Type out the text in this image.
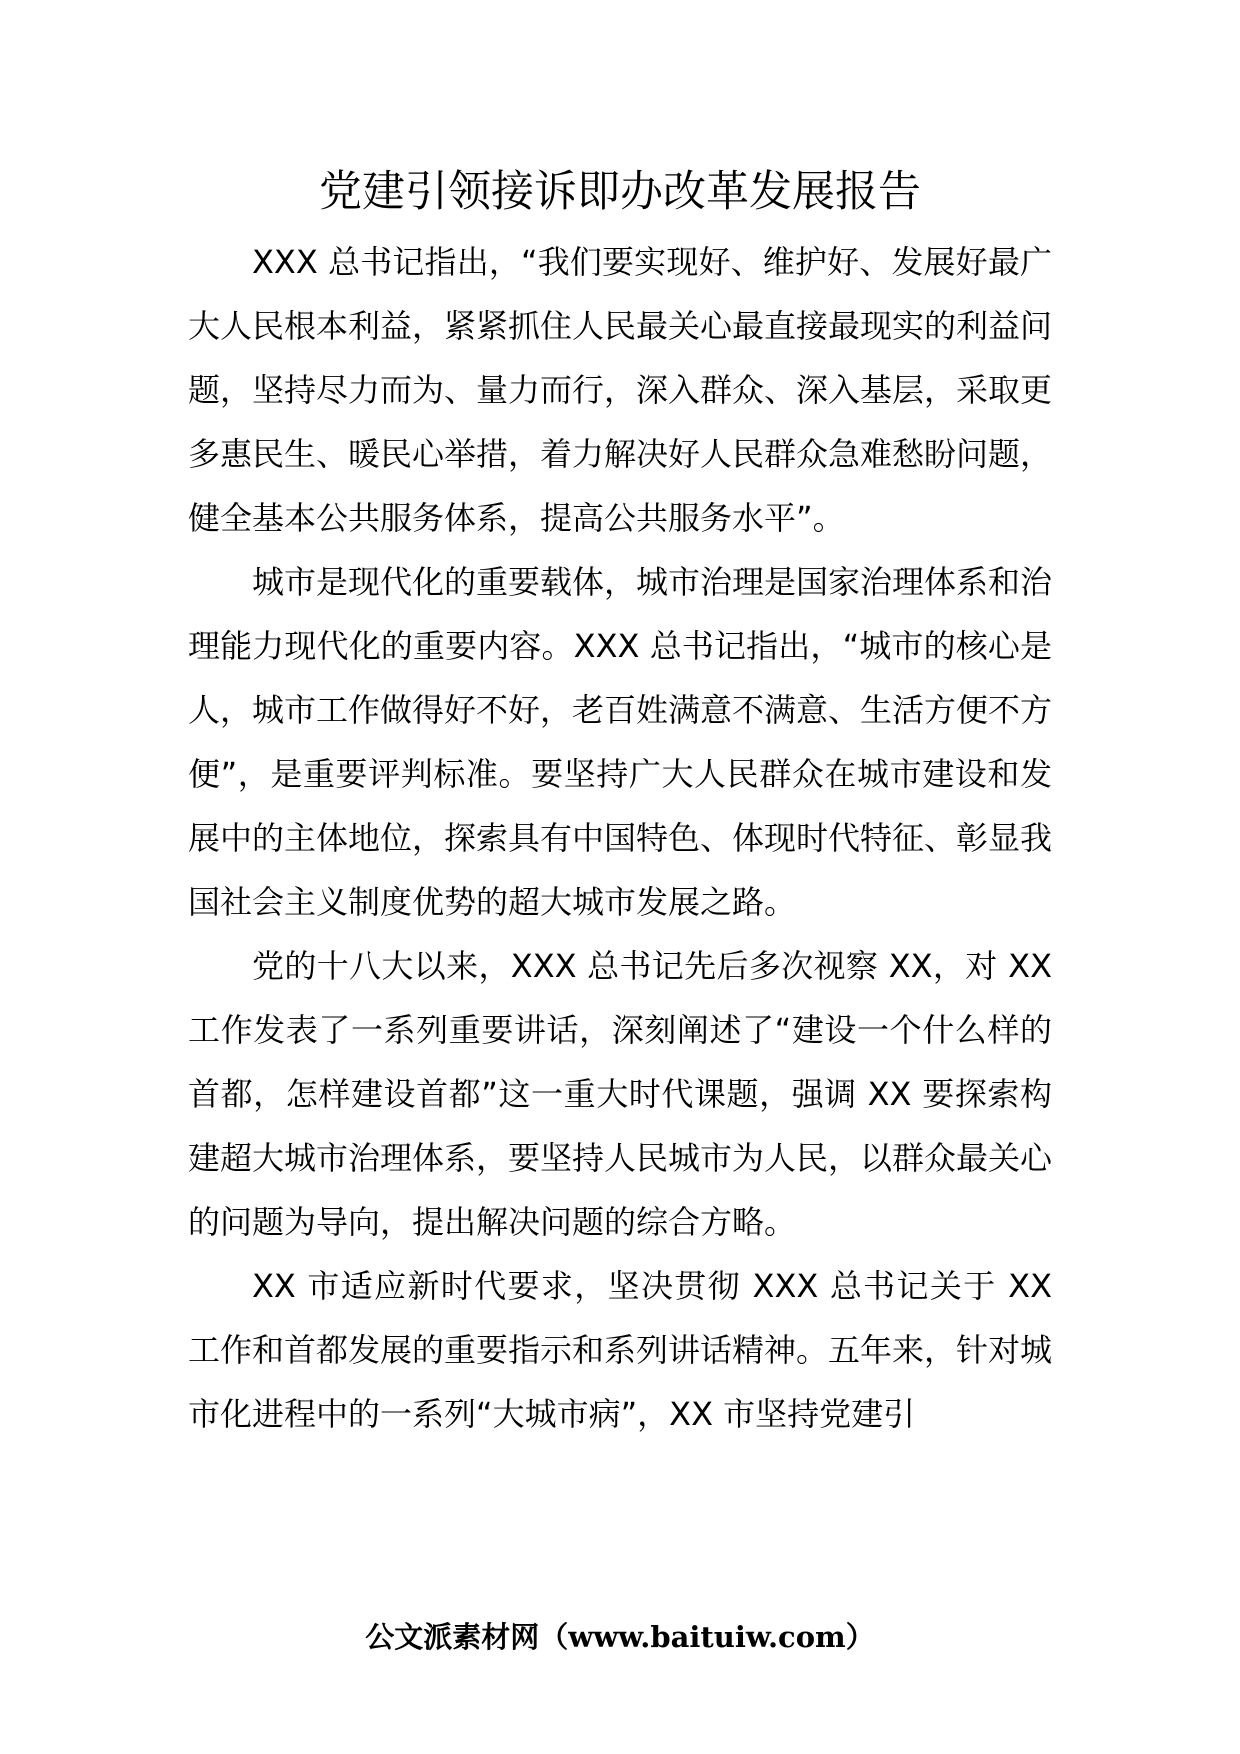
党建引领接诉即办改革发展报告

XXX 总书记指出，“我们要实现好、维护好、发展好最广大人民根本利益，紧紧抓住人民最关心最直接最现实的利益问题，坚持尽力而为、量力而行，深入群众、深入基层，采取更多惠民生、暖民心举措，着力解决好人民群众急难愁盼问题，健全基本公共服务体系，提高公共服务水平”。

城市是现代化的重要载体，城市治理是国家治理体系和治理能力现代化的重要内容。XXX 总书记指出，“城市的核心是人，城市工作做得好不好，老百姓满意不满意、生活方便不方便”，是重要评判标准。要坚持广大人民群众在城市建设和发展中的主体地位，探索具有中国特色、体现时代特征、彰显我国社会主义制度优势的超大城市发展之路。

党的十八大以来，XXX 总书记先后多次视察 XX，对 XX 工作发表了一系列重要讲话，深刻阐述了“建设一个什么样的首都，怎样建设首都”这一重大时代课题，强调 XX 要探索构建超大城市治理体系，要坚持人民城市为人民，以群众最关心的问题为导向，提出解决问题的综合方略。

XX 市适应新时代要求，坚决贯彻 XXX 总书记关于 XX 工作和首都发展的重要指示和系列讲话精神。五年来，针对城市化进程中的一系列“大城市病”，XX 市坚持党建引

公文派素材网（www.baituiw.com）
